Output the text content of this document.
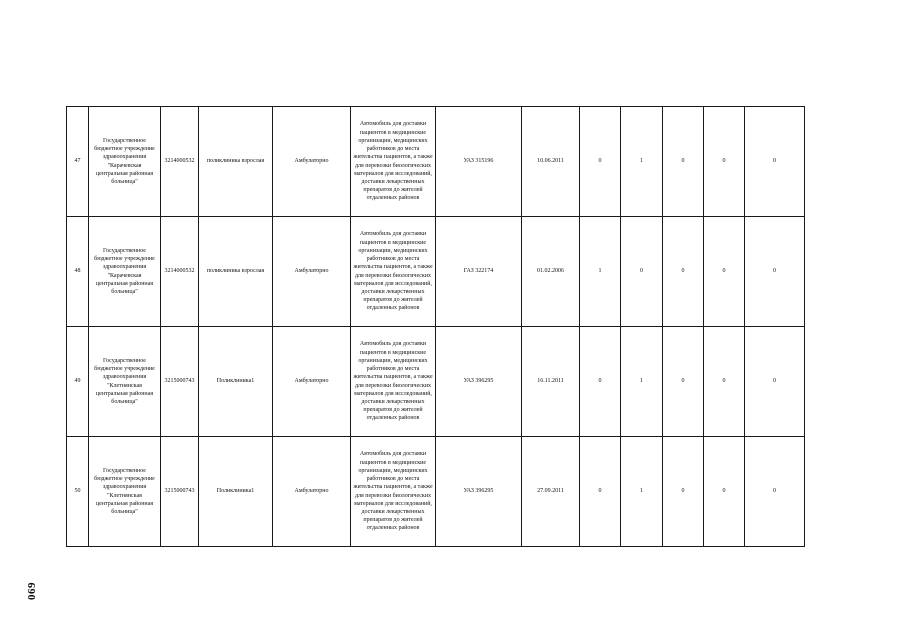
47	Государственное бюджетное учреждение здравоохранения "Карачевская центральная районная больница"	3214000532	поликлиника взрослая	Амбулаторно	Автомобиль для доставки пациентов в медицинские организации, медицинских работников до места жительства пациентов, а также для перевозки биологических материалов для исследований, доставки лекарственных препаратов до жителей отдаленных районов	УАЗ 315196	10.06.2011	0	1	0	0	0
48	Государственное бюджетное учреждение здравоохранения "Карачевская центральная районная больница"	3214000532	поликлиника взрослая	Амбулаторно	Автомобиль для доставки пациентов в медицинские организации, медицинских работников до места жительства пациентов, а также для перевозки биологических материалов для исследований, доставки лекарственных препаратов до жителей отдаленных районов	ГАЗ 322174	01.02.2006	1	0	0	0	0
49	Государственное бюджетное учреждение здравоохранения "Клетнянская центральная районная больница"	3215000743	Поликлиника1	Амбулаторно	Автомобиль для доставки пациентов в медицинские организации, медицинских работников до места жительства пациентов, а также для перевозки биологических материалов для исследований, доставки лекарственных препаратов до жителей отдаленных районов	УАЗ 396295	16.11.2011	0	1	0	0	0
50	Государственное бюджетное учреждение здравоохранения "Клетнянская центральная районная больница"	3215000743	Поликлиника1	Амбулаторно	Автомобиль для доставки пациентов в медицинские организации, медицинских работников до места жительства пациентов, а также для перевозки биологических материалов для исследований, доставки лекарственных препаратов до жителей отдаленных районов	УАЗ 396295	27.09.2011	0	1	0	0	0
069
